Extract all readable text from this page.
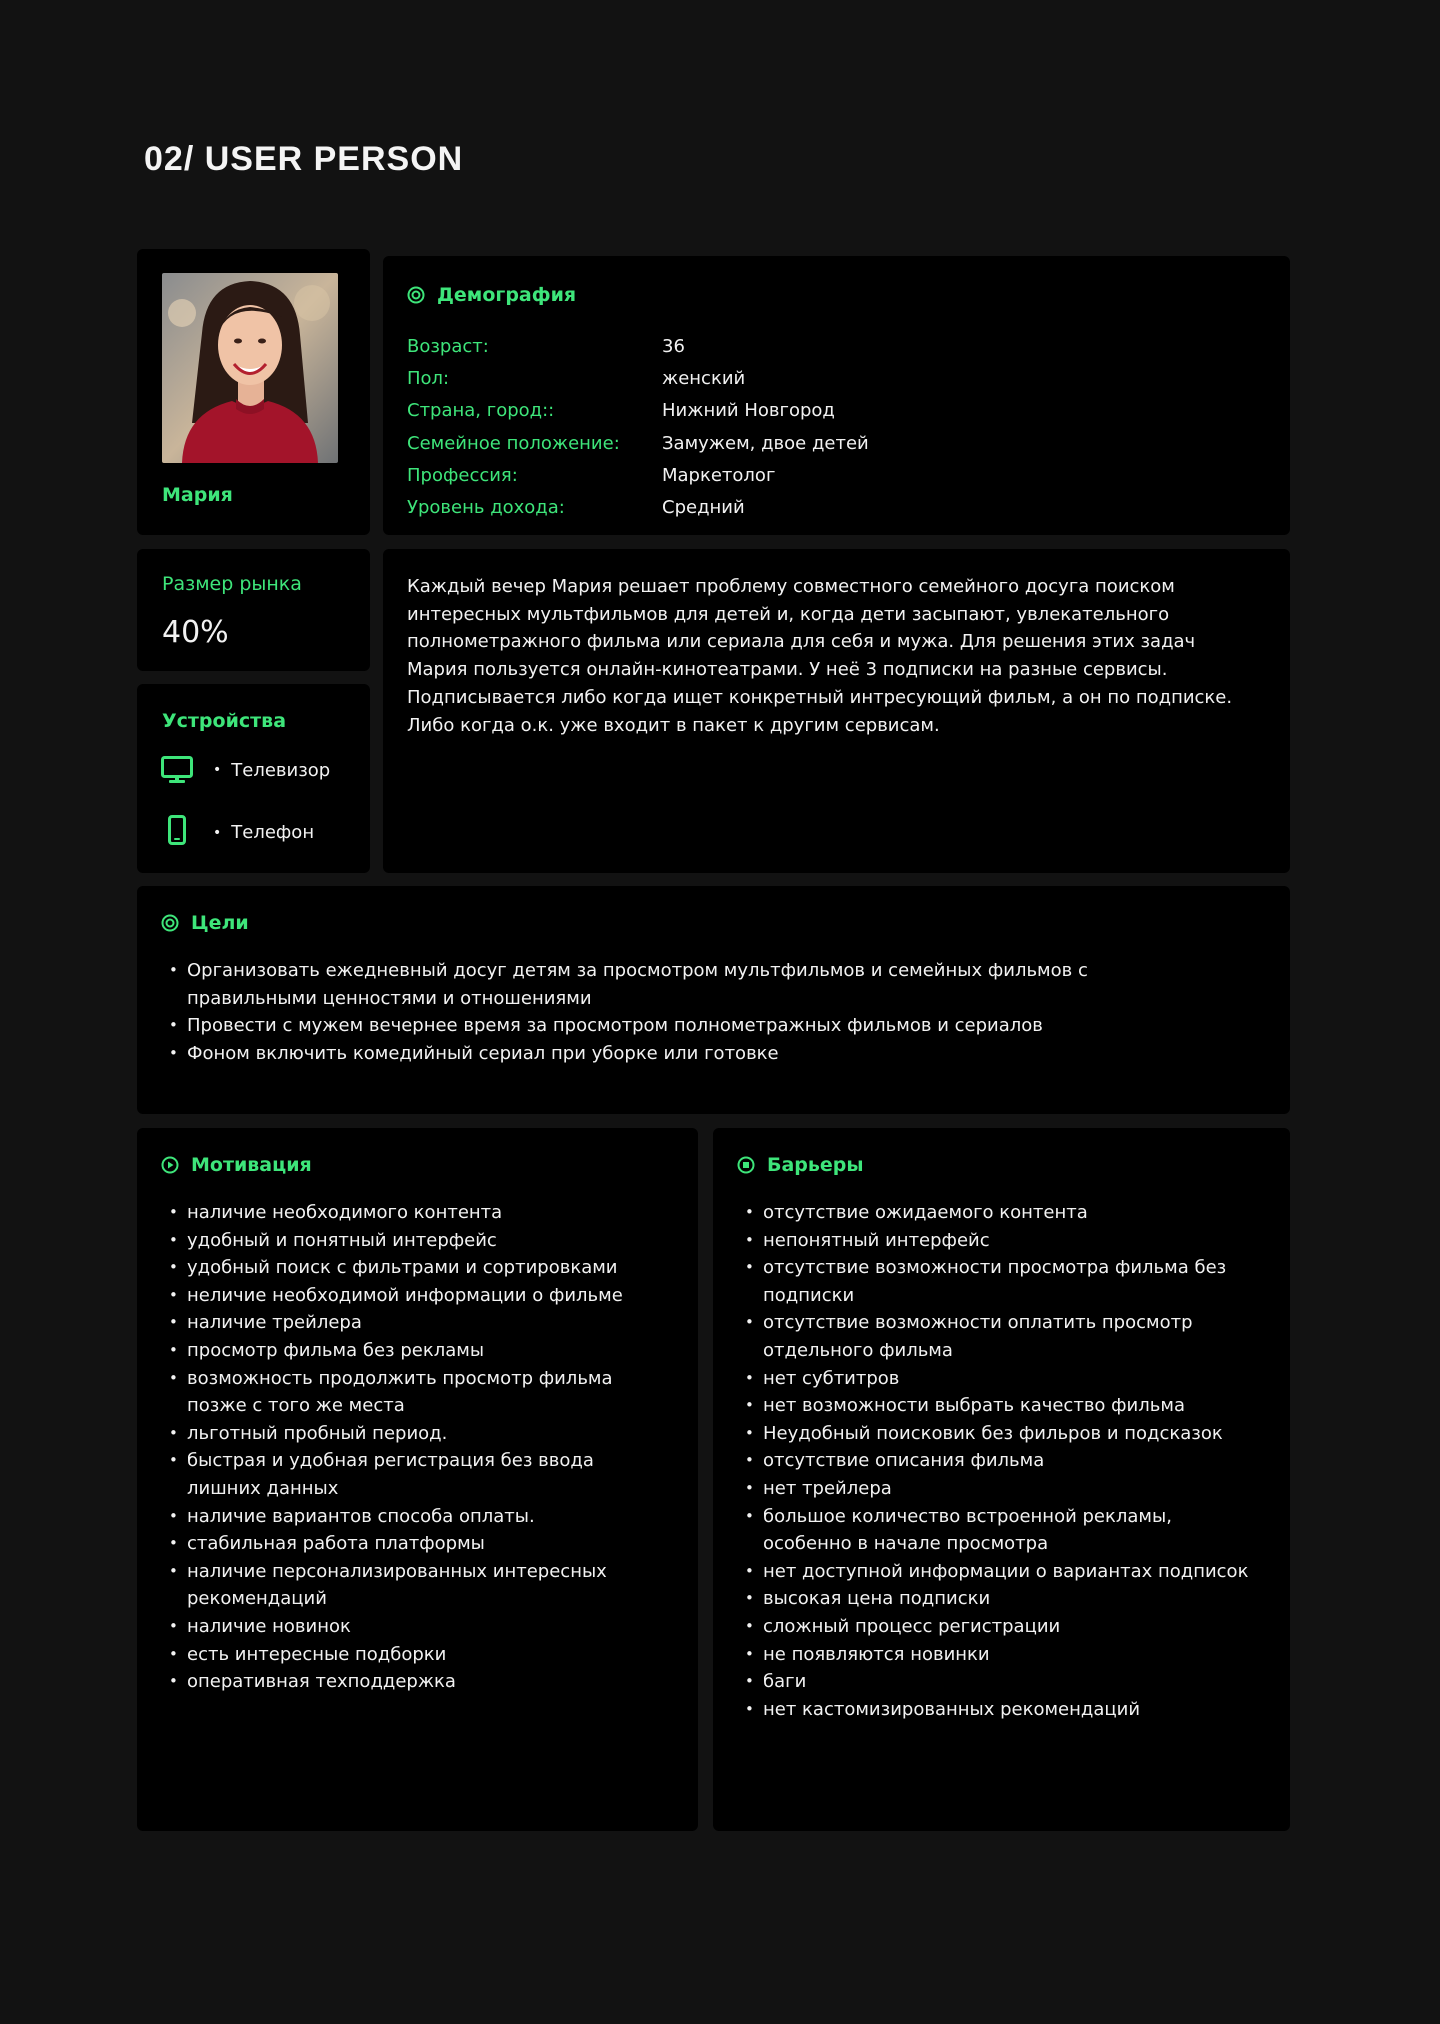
02/ USER PERSON
Мария
Демография
Возраст:	36
Пол:	женский
Страна, город::	Нижний Новгород
Семейное положение:	Замужем, двое детей
Профессия:	Маркетолог
Уровень дохода:	Средний
Размер рынка
40%
Устройства
• Телевизор
• Телефон

Каждый вечер Мария решает проблему совместного семейного досуга поиском
интересных мультфильмов для детей и, когда дети засыпают, увлекательного
полнометражного фильма или сериала для себя и мужа. Для решения этих задач
Мария пользуется онлайн-кинотеатрами. У неё 3 подписки на разные сервисы.
Подписывается либо когда ищет конкретный интресующий фильм, а он по подписке.
Либо когда о.к. уже входит в пакет к другим сервисам.

Цели
• Организовать ежедневный досуг детям за просмотром мультфильмов и семейных фильмов с правильными ценностями и отношениями
• Провести с мужем вечернее время за просмотром полнометражных фильмов и сериалов
• Фоном включить комедийный сериал при уборке или готовке
Мотивация
• наличие необходимого контента
• удобный и понятный интерфейс
• удобный поиск с фильтрами и сортировками
• неличие необходимой информации о фильме
• наличие трейлера
• просмотр фильма без рекламы
• возможность продолжить просмотр фильма позже с того же места
• льготный пробный период.
• быстрая и удобная регистрация без ввода лишних данных
• наличие вариантов способа оплаты.
• стабильная работа платформы
• наличие персонализированных интересных рекомендаций
• наличие новинок
• есть интересные подборки
• оперативная техподдержка
Барьеры
• отсутствие ожидаемого контента
• непонятный интерфейс
• отсутствие возможности просмотра фильма без подписки
• отсутствие возможности оплатить просмотр отдельного фильма
• нет субтитров
• нет возможности выбрать качество фильма
• Неудобный поисковик без фильров и подсказок
• отсутствие описания фильма
• нет трейлера
• большое количество встроенной рекламы, особенно в начале просмотра
• нет доступной информации о вариантах подписок
• высокая цена подписки
• сложный процесс регистрации
• не появляются новинки
• баги
• нет кастомизированных рекомендаций
